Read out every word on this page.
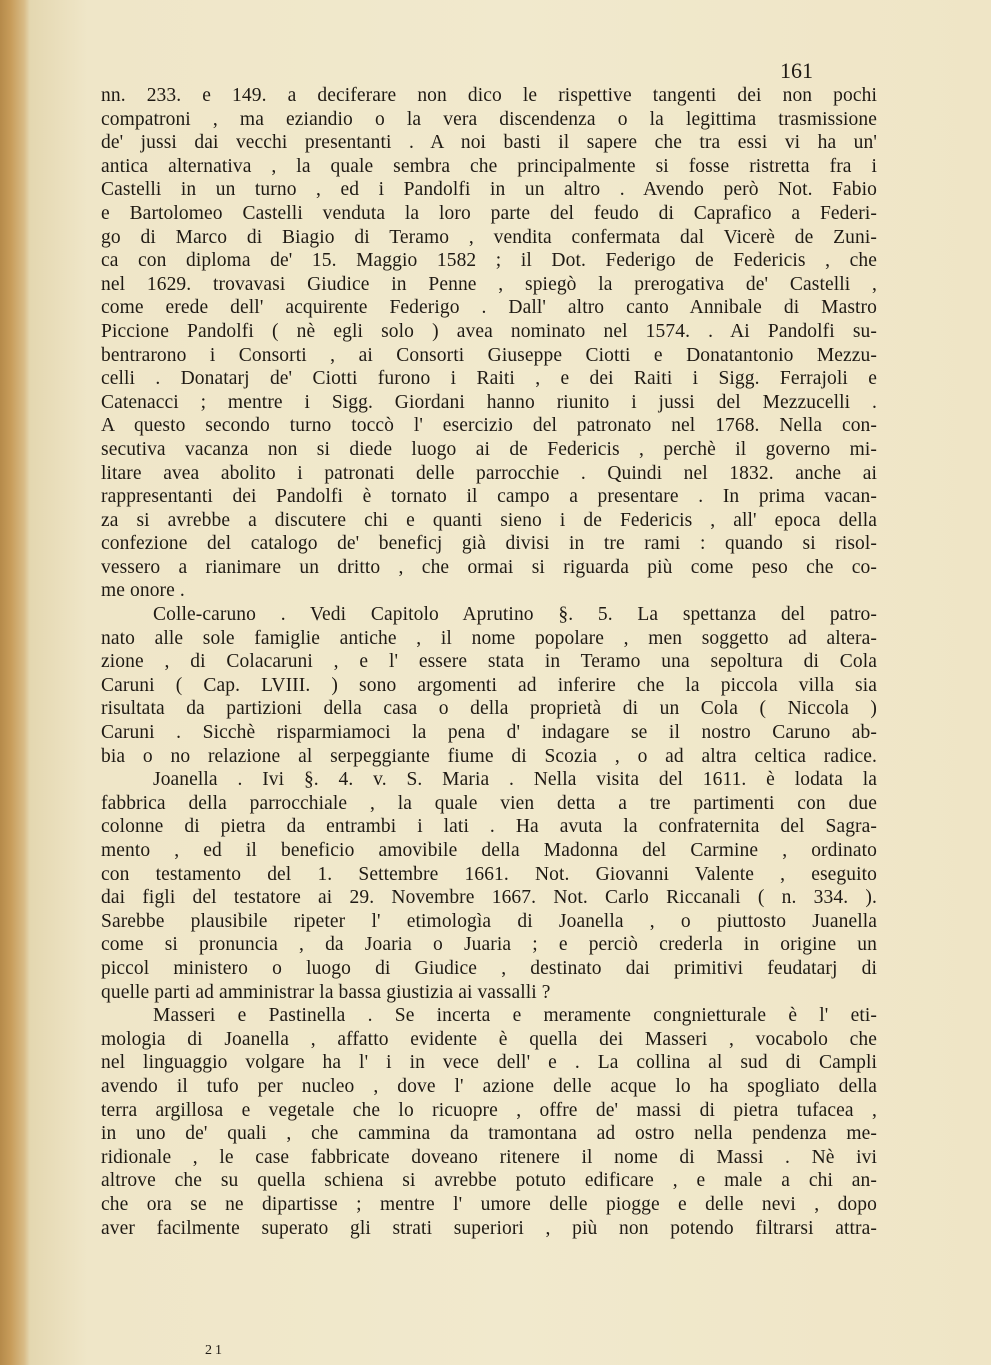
161
nn. 233. e 149. a deciferare non dico le rispettive tangenti dei non pochi
compatroni , ma eziandio o la vera discendenza o la legittima trasmissione
de' jussi dai vecchi presentanti . A noi basti il sapere che tra essi vi ha un'
antica alternativa , la quale sembra che principalmente si fosse ristretta fra i
Castelli in un turno , ed i Pandolfi in un altro . Avendo però Not. Fabio
e Bartolomeo Castelli venduta la loro parte del feudo di Caprafico a Federi-
go di Marco di Biagio di Teramo , vendita confermata dal Vicerè de Zuni-
ca con diploma de' 15. Maggio 1582 ; il Dot. Federigo de Federicis , che
nel 1629. trovavasi Giudice in Penne , spiegò la prerogativa de' Castelli ,
come erede dell' acquirente Federigo . Dall' altro canto Annibale di Mastro
Piccione Pandolfi ( nè egli solo ) avea nominato nel 1574. . Ai Pandolfi su-
bentrarono i Consorti , ai Consorti Giuseppe Ciotti e Donatantonio Mezzu-
celli . Donatarj de' Ciotti furono i Raiti , e dei Raiti i Sigg. Ferrajoli e
Catenacci ; mentre i Sigg. Giordani hanno riunito i jussi del Mezzucelli .
A questo secondo turno toccò l' esercizio del patronato nel 1768. Nella con-
secutiva vacanza non si diede luogo ai de Federicis , perchè il governo mi-
litare avea abolito i patronati delle parrocchie . Quindi nel 1832. anche ai
rappresentanti dei Pandolfi è tornato il campo a presentare . In prima vacan-
za si avrebbe a discutere chi e quanti sieno i de Federicis , all' epoca della
confezione del catalogo de' beneficj già divisi in tre rami : quando si risol-
vessero a rianimare un dritto , che ormai si riguarda più come peso che co-
me onore .
Colle-caruno . Vedi Capitolo Aprutino §. 5. La spettanza del patro-
nato alle sole famiglie antiche , il nome popolare , men soggetto ad altera-
zione , di Colacaruni , e l' essere stata in Teramo una sepoltura di Cola
Caruni ( Cap. LVIII. ) sono argomenti ad inferire che la piccola villa sia
risultata da partizioni della casa o della proprietà di un Cola ( Niccola )
Caruni . Sicchè risparmiamoci la pena d' indagare se il nostro Caruno ab-
bia o no relazione al serpeggiante fiume di Scozia , o ad altra celtica radice.
Joanella . Ivi §. 4. v. S. Maria . Nella visita del 1611. è lodata la
fabbrica della parrocchiale , la quale vien detta a tre partimenti con due
colonne di pietra da entrambi i lati . Ha avuta la confraternita del Sagra-
mento , ed il beneficio amovibile della Madonna del Carmine , ordinato
con testamento del 1. Settembre 1661. Not. Giovanni Valente , eseguito
dai figli del testatore ai 29. Novembre 1667. Not. Carlo Riccanali ( n. 334. ).
Sarebbe plausibile ripeter l' etimologìa di Joanella , o piuttosto Juanella
come si pronuncia , da Joaria o Juaria ; e perciò crederla in origine un
piccol ministero o luogo di Giudice , destinato dai primitivi feudatarj di
quelle parti ad amministrar la bassa giustizia ai vassalli ?
Masseri e Pastinella . Se incerta e meramente congnietturale è l' eti-
mologia di Joanella , affatto evidente è quella dei Masseri , vocabolo che
nel linguaggio volgare ha l' i in vece dell' e . La collina al sud di Campli
avendo il tufo per nucleo , dove l' azione delle acque lo ha spogliato della
terra argillosa e vegetale che lo ricuopre , offre de' massi di pietra tufacea ,
in uno de' quali , che cammina da tramontana ad ostro nella pendenza me-
ridionale , le case fabbricate doveano ritenere il nome di Massi . Nè ivi
altrove che su quella schiena si avrebbe potuto edificare , e male a chi an-
che ora se ne dipartisse ; mentre l' umore delle piogge e delle nevi , dopo
aver facilmente superato gli strati superiori , più non potendo filtrarsi attra-
21
